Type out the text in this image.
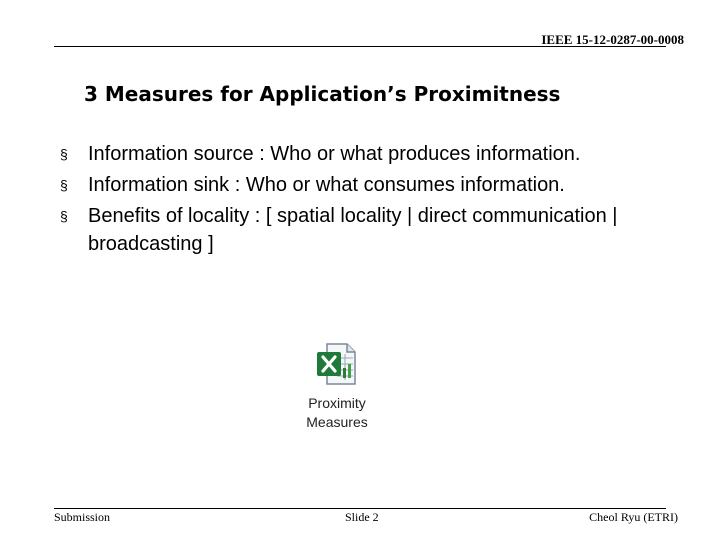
IEEE 15-12-0287-00-0008
3 Measures for Application’s Proximitness
§ Information source : Who or what produces information.
§ Information sink : Who or what consumes information.
§ Benefits of locality : [ spatial locality | direct communication | broadcasting ]
Proximity
Measures
Submission	Slide 2	Cheol Ryu (ETRI)
